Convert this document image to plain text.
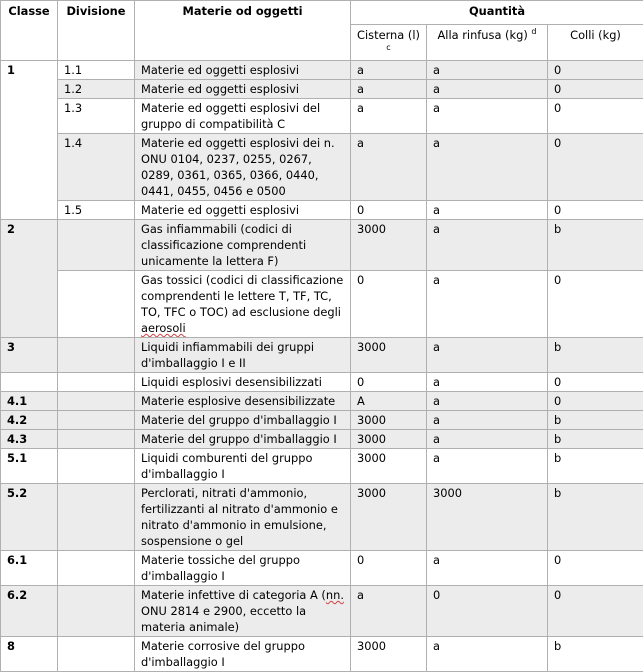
Classe	Divisione	Materie od oggetti	Quantità		
			Cisterna (l) $^c$	Alla rinfusa (kg) $^d$	Colli (kg)
1	1.1	Materie ed oggetti esplosivi	a	a	0
	1.2	Materie ed oggetti esplosivi	a	a	0
	1.3	Materie ed oggetti esplosivi del gruppo di compatibilità C	a	a	0
	1.4	Materie ed oggetti esplosivi dei n. ONU 0104, 0237, 0255, 0267, 0289, 0361, 0365, 0366, 0440, 0441, 0455, 0456 e 0500	a	a	0
	1.5	Materie ed oggetti esplosivi	0	a	0
2		Gas infiammabili (codici di classificazione comprendenti unicamente la lettera F)	3000	a	b
		Gas tossici (codici di classificazione comprendenti le lettere T, TF, TC, TO, TFC o TOC) ad esclusione degli aerosoli	0	a	0
3		Liquidi infiammabili dei gruppi d'imballaggio I e II	3000	a	b
		Liquidi esplosivi desensibilizzati	0	a	0
4.1		Materie esplosive desensibilizzate	A	a	0
4.2		Materie del gruppo d'imballaggio I	3000	a	b
4.3		Materie del gruppo d'imballaggio I	3000	a	b
5.1		Liquidi comburenti del gruppo d'imballaggio I	3000	a	b
5.2		Perclorati, nitrati d'ammonio, fertilizzanti al nitrato d'ammonio e nitrato d'ammonio in emulsione, sospensione o gel	3000	3000	b
6.1		Materie tossiche del gruppo d'imballaggio I	0	a	0
6.2		Materie infettive di categoria A (nn. ONU 2814 e 2900, eccetto la materia animale)	a	0	0
8		Materie corrosive del gruppo d'imballaggio I	3000	a	b
